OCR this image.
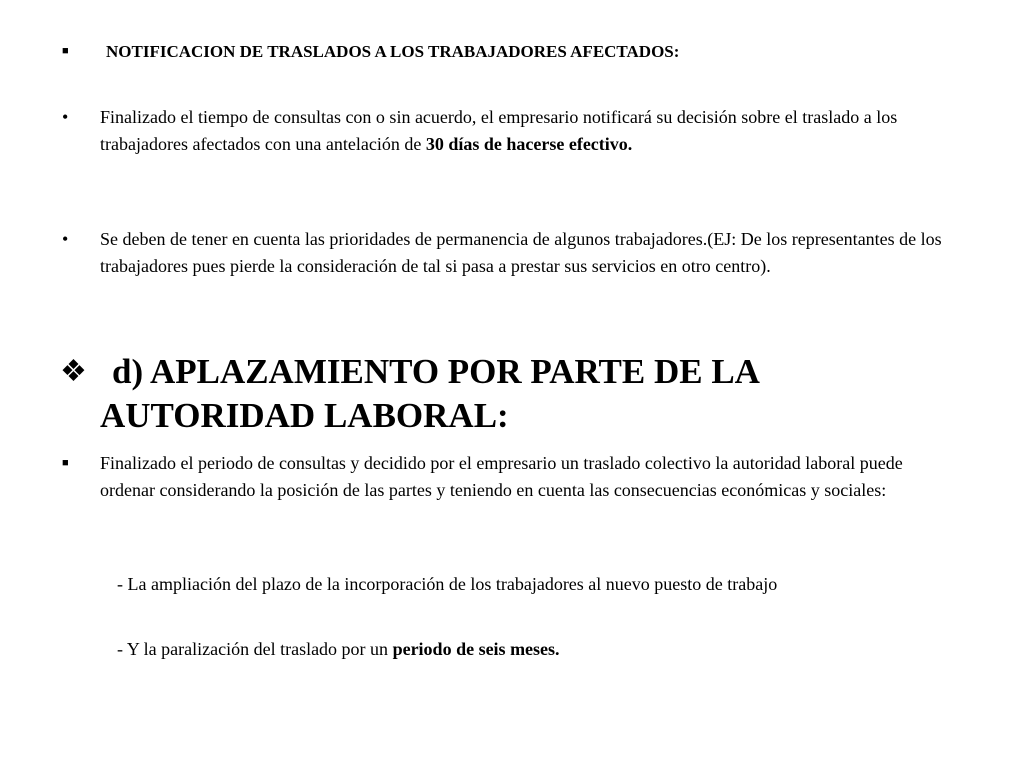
■ NOTIFICACION DE TRASLADOS A LOS TRABAJADORES AFECTADOS:
• Finalizado el tiempo de consultas con o sin acuerdo, el empresario notificará su decisión sobre el traslado a los trabajadores afectados con una antelación de 30 días de hacerse efectivo.
• Se deben de tener en cuenta las prioridades de permanencia de algunos trabajadores.(EJ: De los representantes de los trabajadores pues pierde la consideración de tal si pasa a prestar sus servicios en otro centro).
❖ d) APLAZAMIENTO POR PARTE DE LA AUTORIDAD LABORAL:
■ Finalizado el periodo de consultas y decidido por el empresario un traslado colectivo la autoridad laboral puede ordenar considerando la posición de las partes y teniendo en cuenta las consecuencias económicas y sociales:
- La ampliación del plazo de la incorporación de los trabajadores al nuevo puesto de trabajo
- Y la paralización del traslado por un periodo de seis meses.
